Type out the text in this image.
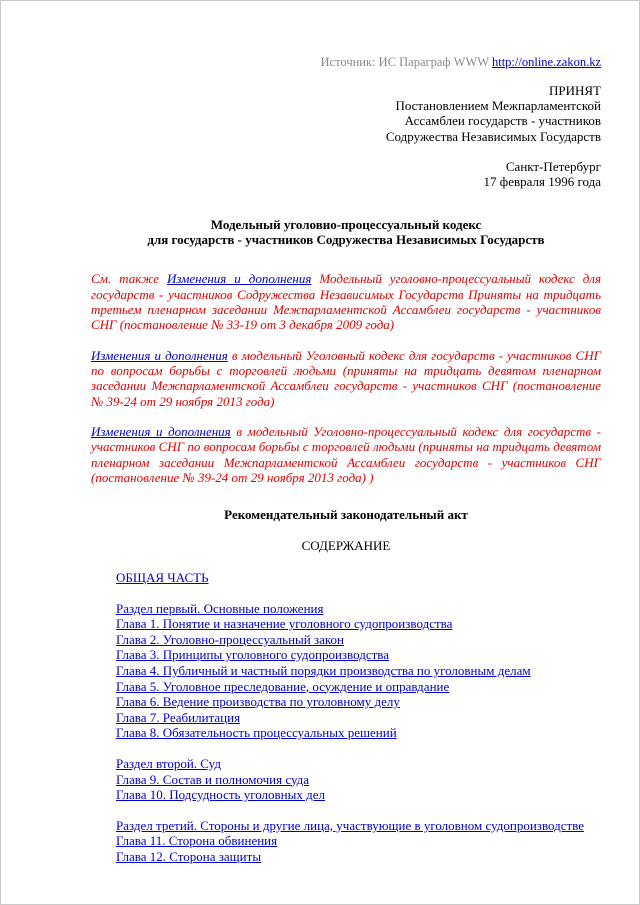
Источник: ИС Параграф WWW http://online.zakon.kz
ПРИНЯТ
Постановлением Межпарламентской
Ассамблеи государств - участников
Содружества Независимых Государств
Санкт-Петербург
17 февраля 1996 года
Модельный уголовно-процессуальный кодекс
для государств - участников Содружества Независимых Государств

См. также Изменения и дополнения Модельный уголовно-процессуальный кодекс для государств - участников Содружества Независимых Государств Приняты на тридцать третьем пленарном заседании Межпарламентской Ассамблеи государств - участников СНГ (постановление № 33-19 от 3 декабря 2009 года)

Изменения и дополнения в модельный Уголовный кодекс для государств - участников СНГ по вопросам борьбы с торговлей людьми (приняты на тридцать девятом пленарном заседании Межпарламентской Ассамблеи государств - участников СНГ (постановление № 39-24 от 29 ноября 2013 года)

Изменения и дополнения в модельный Уголовно-процессуальный кодекс для государств - участников СНГ по вопросам борьбы с торговлей людьми (приняты на тридцать девятом пленарном заседании Межпарламентской Ассамблеи государств - участников СНГ (постановление № 39-24 от 29 ноября 2013 года) )

Рекомендательный законодательный акт
СОДЕРЖАНИЕ
ОБЩАЯ ЧАСТЬ
Раздел первый. Основные положения
Глава 1. Понятие и назначение уголовного судопроизводства
Глава 2. Уголовно-процессуальный закон
Глава 3. Принципы уголовного судопроизводства
Глава 4. Публичный и частный порядки производства по уголовным делам
Глава 5. Уголовное преследование, осуждение и оправдание
Глава 6. Ведение производства по уголовному делу
Глава 7. Реабилитация
Глава 8. Обязательность процессуальных решений
Раздел второй. Суд
Глава 9. Состав и полномочия суда
Глава 10. Подсудность уголовных дел
Раздел третий. Стороны и другие лица, участвующие в уголовном судопроизводстве
Глава 11. Сторона обвинения
Глава 12. Сторона защиты
